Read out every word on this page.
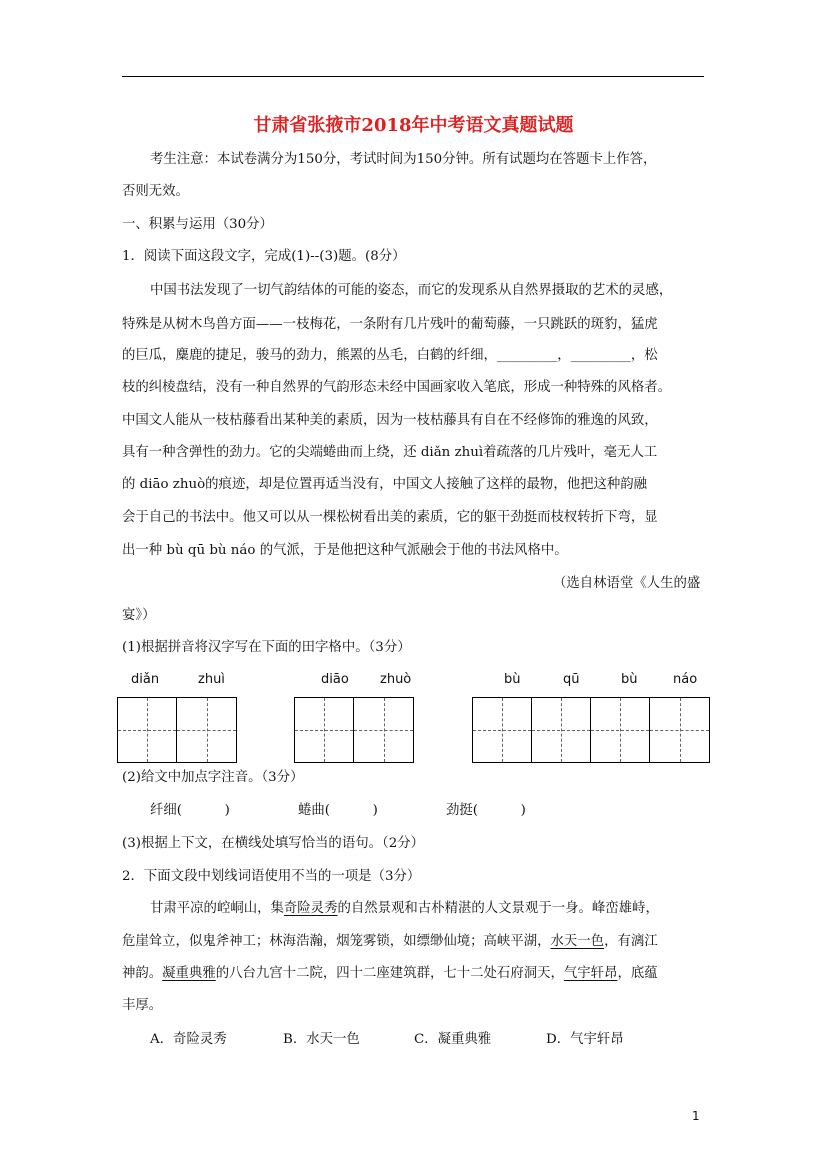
甘肃省张掖市2018年中考语文真题试题
考生注意：本试卷满分为150分，考试时间为150分钟。所有试题均在答题卡上作答，
否则无效。
一、积累与运用（30分）
1．阅读下面这段文字，完成(1)--(3)题。(8分）
中国书法发现了一切气韵结体的可能的姿态，而它的发现系从自然界摄取的艺术的灵感，
特殊是从树木鸟兽方面——一枝梅花，一条附有几片残叶的葡萄藤，一只跳跃的斑豹，猛虎
的巨瓜，麋鹿的捷足，骏马的劲力，熊罴的丛毛，白鹤的纤细，_________，_________，松
枝的纠棱盘结，没有一种自然界的气韵形态未经中国画家收入笔底，形成一种特殊的风格者。
中国文人能从一枝枯藤看出某种美的素质，因为一枝枯藤具有自在不经修饰的雅逸的风致，
具有一种含弹性的劲力。它的尖端蜷曲而上绕，还 diǎn zhuì着疏落的几片残叶，毫无人工
的 diāo zhuò的痕迹，却是位置再适当没有，中国文人接触了这样的最物，他把这种韵融
会于自己的书法中。他又可以从一棵松树看出美的素质，它的躯干劲挺而枝杈转折下弯，显
出一种 bù qū bù náo 的气派，于是他把这种气派融会于他的书法风格中。
（选自林语堂《人生的盛
宴》）
(1)根据拼音将汉字写在下面的田字格中。（3分）
diǎn	zhuì	diāo zhuò	bù	qū	bù	náo
(2)给文中加点字注音。（3分）
纤细(          )	蜷曲(          )	劲挺(          )
(3)根据上下文，在横线处填写恰当的语句。（2分）
2．下面文段中划线词语使用不当的一项是（3分）
甘肃平凉的崆峒山，集奇险灵秀的自然景观和古朴精湛的人文景观于一身。峰峦雄峙，
危崖耸立，似鬼斧神工；林海浩瀚，烟笼雾锁，如缥缈仙境；高峡平湖，水天一色，有漓江
神韵。凝重典雅的八台九宫十二院，四十二座建筑群，七十二处石府洞天，气宇轩昂，底蕴
丰厚。
A．奇险灵秀	B．水天一色	C．凝重典雅	D．气宇轩昂
1
